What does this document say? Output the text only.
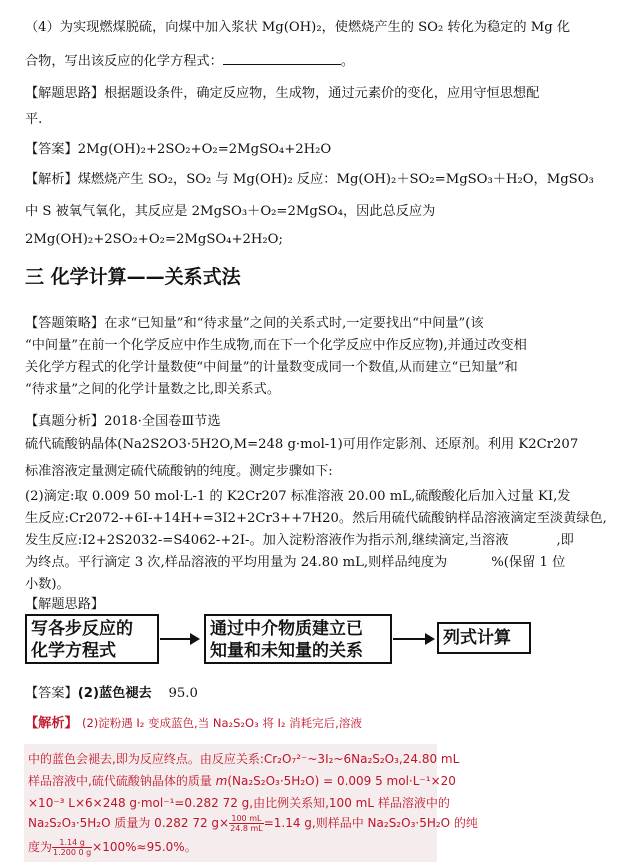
（4）为实现燃煤脱硫，向煤中加入浆状 Mg(OH)₂，使燃烧产生的 SO₂ 转化为稳定的 Mg 化
合物，写出该反应的化学方程式：	。
【解题思路】根据题设条件，确定反应物，生成物，通过元素价的变化，应用守恒思想配
平.
【答案】2Mg(OH)₂+2SO₂+O₂=2MgSO₄+2H₂O
【解析】煤燃烧产生 SO₂，SO₂ 与 Mg(OH)₂ 反应：Mg(OH)₂＋SO₂=MgSO₃＋H₂O，MgSO₃
中 S 被氧气氧化，其反应是 2MgSO₃＋O₂=2MgSO₄，因此总反应为
2Mg(OH)₂+2SO₂+O₂=2MgSO₄+2H₂O;
三 化学计算——关系式法
【答题策略】在求“已知量”和“待求量”之间的关系式时,一定要找出“中间量”(该
“中间量”在前一个化学反应中作生成物,而在下一个化学反应中作反应物),并通过改变相
关化学方程式的化学计量数使“中间量”的计量数变成同一个数值,从而建立“已知量”和
“待求量”之间的化学计量数之比,即关系式。
【真题分析】2018·全国卷Ⅲ节选
硫代硫酸钠晶体(Na2S2O3·5H2O,M=248 g·mol-1)可用作定影剂、还原剂。利用 K2Cr207
标准溶液定量测定硫代硫酸钠的纯度。测定步骤如下:
(2)滴定:取 0.009 50 mol·L-1 的 K2Cr207 标准溶液 20.00 mL,硫酸酸化后加入过量 KI,发
生反应:Cr2072-+6I-+14H+=3I2+2Cr3++7H20。然后用硫代硫酸钠样品溶液滴定至淡黄绿色,
发生反应:I2+2S2032-=S4062-+2I-。加入淀粉溶液作为指示剂,继续滴定,当溶液	,即
为终点。平行滴定 3 次,样品溶液的平均用量为 24.80 mL,则样品纯度为	%(保留 1 位
小数)。
【解题思路】
写各步反应的
化学方程式
通过中介物质建立已
知量和未知量的关系
列式计算
【答案】(2)蓝色褪去 95.0
【解析】 (2)淀粉遇 I₂ 变成蓝色,当 Na₂S₂O₃ 将 I₂ 消耗完后,溶液
中的蓝色会褪去,即为反应终点。由反应关系:Cr₂O₇²⁻~3I₂~6Na₂S₂O₃,24.80 mL
样品溶液中,硫代硫酸钠晶体的质量 m(Na₂S₂O₃·5H₂O) = 0.009 5 mol·L⁻¹×20
×10⁻³ L×6×248 g·mol⁻¹=0.282 72 g,由比例关系知,100 mL 样品溶液中的
Na₂S₂O₃·5H₂O 质量为 0.282 72 $g\times \frac{100 mL}{24.8 mL} =1.14$ g,则样品中 Na₂S₂O₃·5H₂O 的纯
度为 $\frac{1.14 g}{1.200 0 g} \times 100\%\approx 95.0\%$。
